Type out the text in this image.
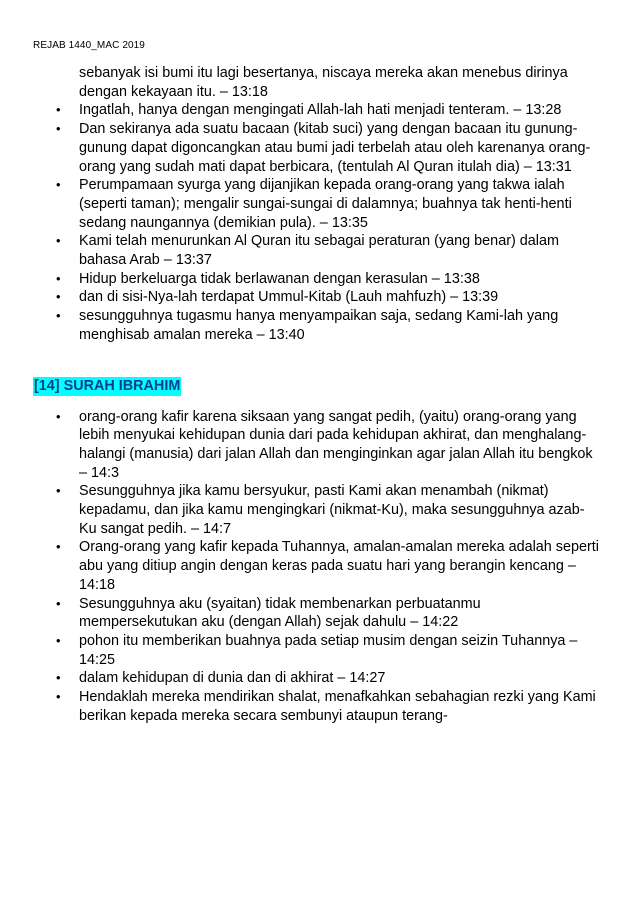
REJAB 1440_MAC 2019
sebanyak isi bumi itu lagi besertanya, niscaya mereka akan menebus dirinya dengan kekayaan itu. – 13:18
• Ingatlah, hanya dengan mengingati Allah-lah hati menjadi tenteram. – 13:28
• Dan sekiranya ada suatu bacaan (kitab suci) yang dengan bacaan itu gunung-gunung dapat digoncangkan atau bumi jadi terbelah atau oleh karenanya orang-orang yang sudah mati dapat berbicara, (tentulah Al Quran itulah dia) – 13:31
• Perumpamaan syurga yang dijanjikan kepada orang-orang yang takwa ialah (seperti taman); mengalir sungai-sungai di dalamnya; buahnya tak henti-henti sedang naungannya (demikian pula). – 13:35
• Kami telah menurunkan Al Quran itu sebagai peraturan (yang benar) dalam bahasa Arab – 13:37
• Hidup berkeluarga tidak berlawanan dengan kerasulan – 13:38
• dan di sisi-Nya-lah terdapat Ummul-Kitab (Lauh mahfuzh) – 13:39
• sesungguhnya tugasmu hanya menyampaikan saja, sedang Kami-lah yang menghisab amalan mereka – 13:40
[14] SURAH IBRAHIM
• orang-orang kafir karena siksaan yang sangat pedih, (yaitu) orang-orang yang lebih menyukai kehidupan dunia dari pada kehidupan akhirat, dan menghalang-halangi (manusia) dari jalan Allah dan menginginkan agar jalan Allah itu bengkok – 14:3
• Sesungguhnya jika kamu bersyukur, pasti Kami akan menambah (nikmat) kepadamu, dan jika kamu mengingkari (nikmat-Ku), maka sesungguhnya azab-Ku sangat pedih. – 14:7
• Orang-orang yang kafir kepada Tuhannya, amalan-amalan mereka adalah seperti abu yang ditiup angin dengan keras pada suatu hari yang berangin kencang – 14:18
• Sesungguhnya aku (syaitan) tidak membenarkan perbuatanmu mempersekutukan aku (dengan Allah) sejak dahulu – 14:22
• pohon itu memberikan buahnya pada setiap musim dengan seizin Tuhannya – 14:25
• dalam kehidupan di dunia dan di akhirat – 14:27
• Hendaklah mereka mendirikan shalat, menafkahkan sebahagian rezki yang Kami berikan kepada mereka secara sembunyi ataupun terang-
